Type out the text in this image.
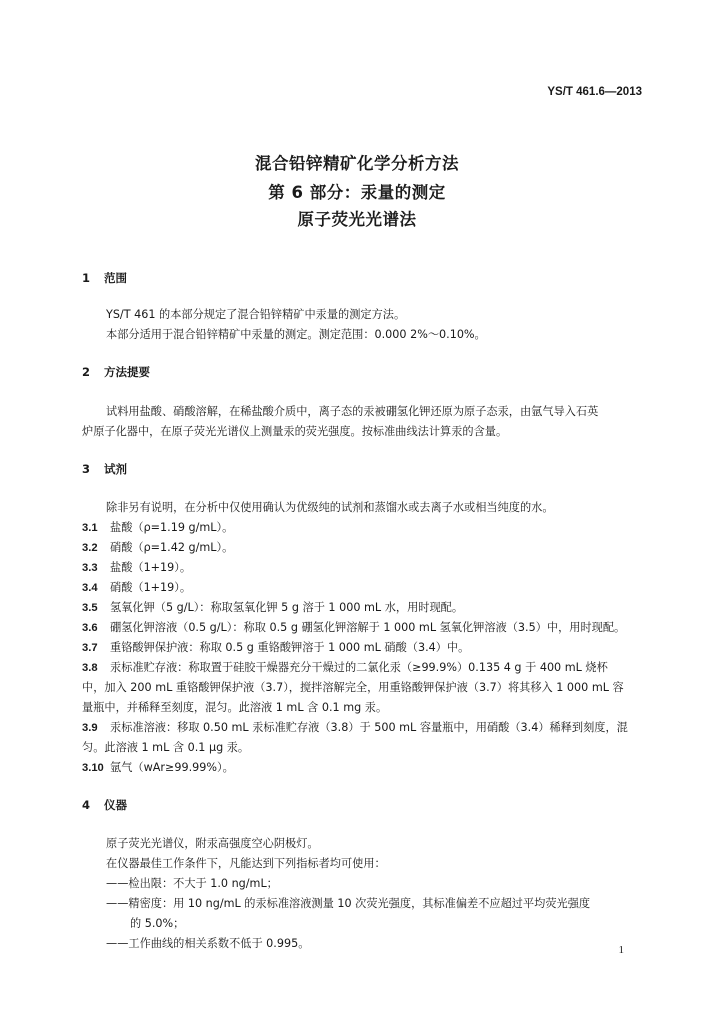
YS/T 461.6—2013
混合铅锌精矿化学分析方法
第 6 部分：汞量的测定
原子荧光光谱法
1 范围
YS/T 461 的本部分规定了混合铅锌精矿中汞量的测定方法。
本部分适用于混合铅锌精矿中汞量的测定。测定范围：0.000 2%～0.10%。
2 方法提要
试料用盐酸、硝酸溶解，在稀盐酸介质中，离子态的汞被硼氢化钾还原为原子态汞，由氩气导入石英
炉原子化器中，在原子荧光光谱仪上测量汞的荧光强度。按标准曲线法计算汞的含量。
3 试剂
除非另有说明，在分析中仅使用确认为优级纯的试剂和蒸馏水或去离子水或相当纯度的水。
3.1 盐酸（ρ=1.19 g/mL）。
3.2 硝酸（ρ=1.42 g/mL）。
3.3 盐酸（1+19）。
3.4 硝酸（1+19）。
3.5 氢氧化钾（5 g/L）：称取氢氧化钾 5 g 溶于 1 000 mL 水，用时现配。
3.6 硼氢化钾溶液（0.5 g/L）：称取 0.5 g 硼氢化钾溶解于 1 000 mL 氢氧化钾溶液（3.5）中，用时现配。
3.7 重铬酸钾保护液：称取 0.5 g 重铬酸钾溶于 1 000 mL 硝酸（3.4）中。
3.8 汞标准贮存液：称取置于硅胶干燥器充分干燥过的二氯化汞（≥99.9%）0.135 4 g 于 400 mL 烧杯
中，加入 200 mL 重铬酸钾保护液（3.7），搅拌溶解完全，用重铬酸钾保护液（3.7）将其移入 1 000 mL 容
量瓶中，并稀释至刻度，混匀。此溶液 1 mL 含 0.1 mg 汞。
3.9 汞标准溶液：移取 0.50 mL 汞标准贮存液（3.8）于 500 mL 容量瓶中，用硝酸（3.4）稀释到刻度，混
匀。此溶液 1 mL 含 0.1 μg 汞。
3.10 氩气（wAr≥99.99%）。
4 仪器
原子荧光光谱仪，附汞高强度空心阴极灯。
在仪器最佳工作条件下，凡能达到下列指标者均可使用：
——检出限：不大于 1.0 ng/mL；
——精密度：用 10 ng/mL 的汞标准溶液测量 10 次荧光强度，其标准偏差不应超过平均荧光强度
的 5.0%；
——工作曲线的相关系数不低于 0.995。	1
